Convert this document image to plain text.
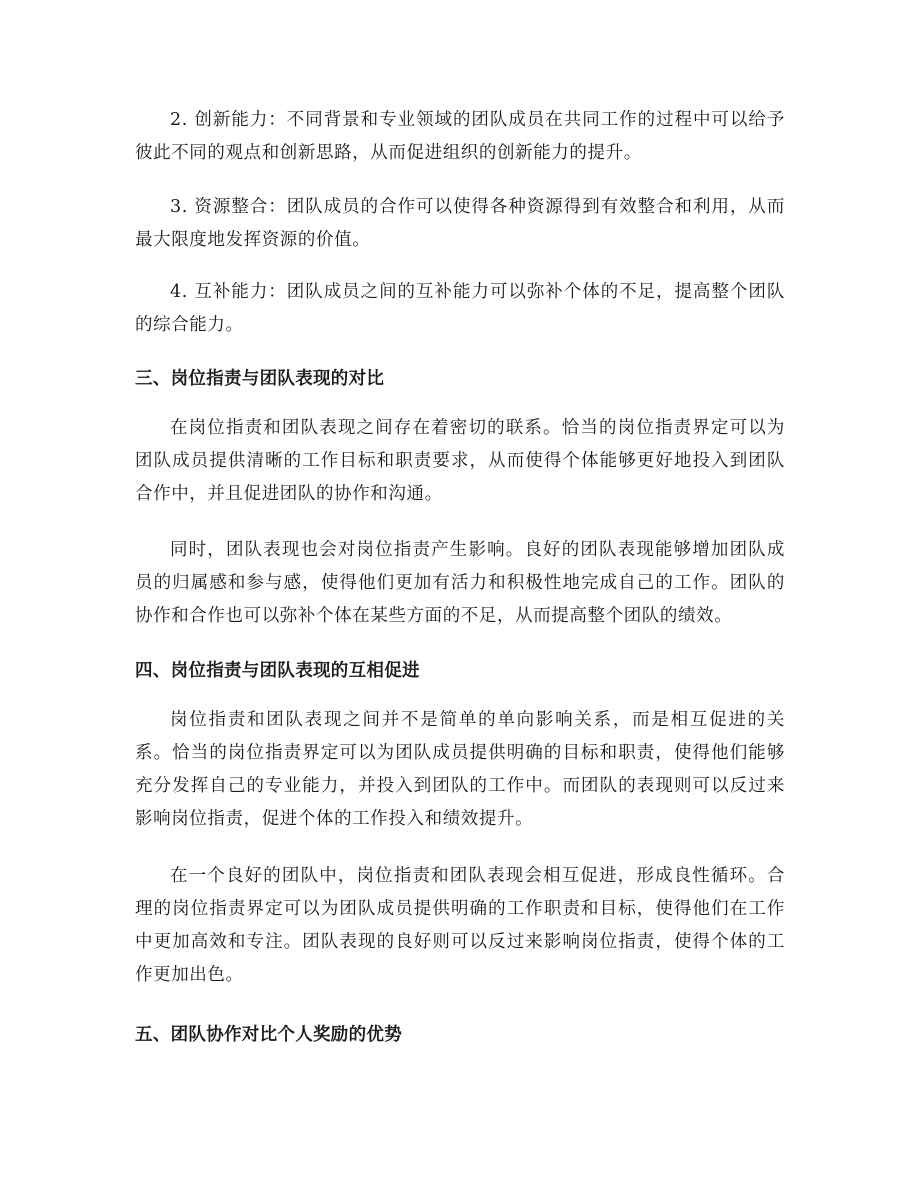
2. 创新能力：不同背景和专业领域的团队成员在共同工作的过程中可以给予彼此不同的观点和创新思路，从而促进组织的创新能力的提升。

3. 资源整合：团队成员的合作可以使得各种资源得到有效整合和利用，从而最大限度地发挥资源的价值。

4. 互补能力：团队成员之间的互补能力可以弥补个体的不足，提高整个团队的综合能力。

三、岗位指责与团队表现的对比

在岗位指责和团队表现之间存在着密切的联系。恰当的岗位指责界定可以为团队成员提供清晰的工作目标和职责要求，从而使得个体能够更好地投入到团队合作中，并且促进团队的协作和沟通。

同时，团队表现也会对岗位指责产生影响。良好的团队表现能够增加团队成员的归属感和参与感，使得他们更加有活力和积极性地完成自己的工作。团队的协作和合作也可以弥补个体在某些方面的不足，从而提高整个团队的绩效。

四、岗位指责与团队表现的互相促进

岗位指责和团队表现之间并不是简单的单向影响关系，而是相互促进的关系。恰当的岗位指责界定可以为团队成员提供明确的目标和职责，使得他们能够充分发挥自己的专业能力，并投入到团队的工作中。而团队的表现则可以反过来影响岗位指责，促进个体的工作投入和绩效提升。

在一个良好的团队中，岗位指责和团队表现会相互促进，形成良性循环。合理的岗位指责界定可以为团队成员提供明确的工作职责和目标，使得他们在工作中更加高效和专注。团队表现的良好则可以反过来影响岗位指责，使得个体的工作更加出色。

五、团队协作对比个人奖励的优势
